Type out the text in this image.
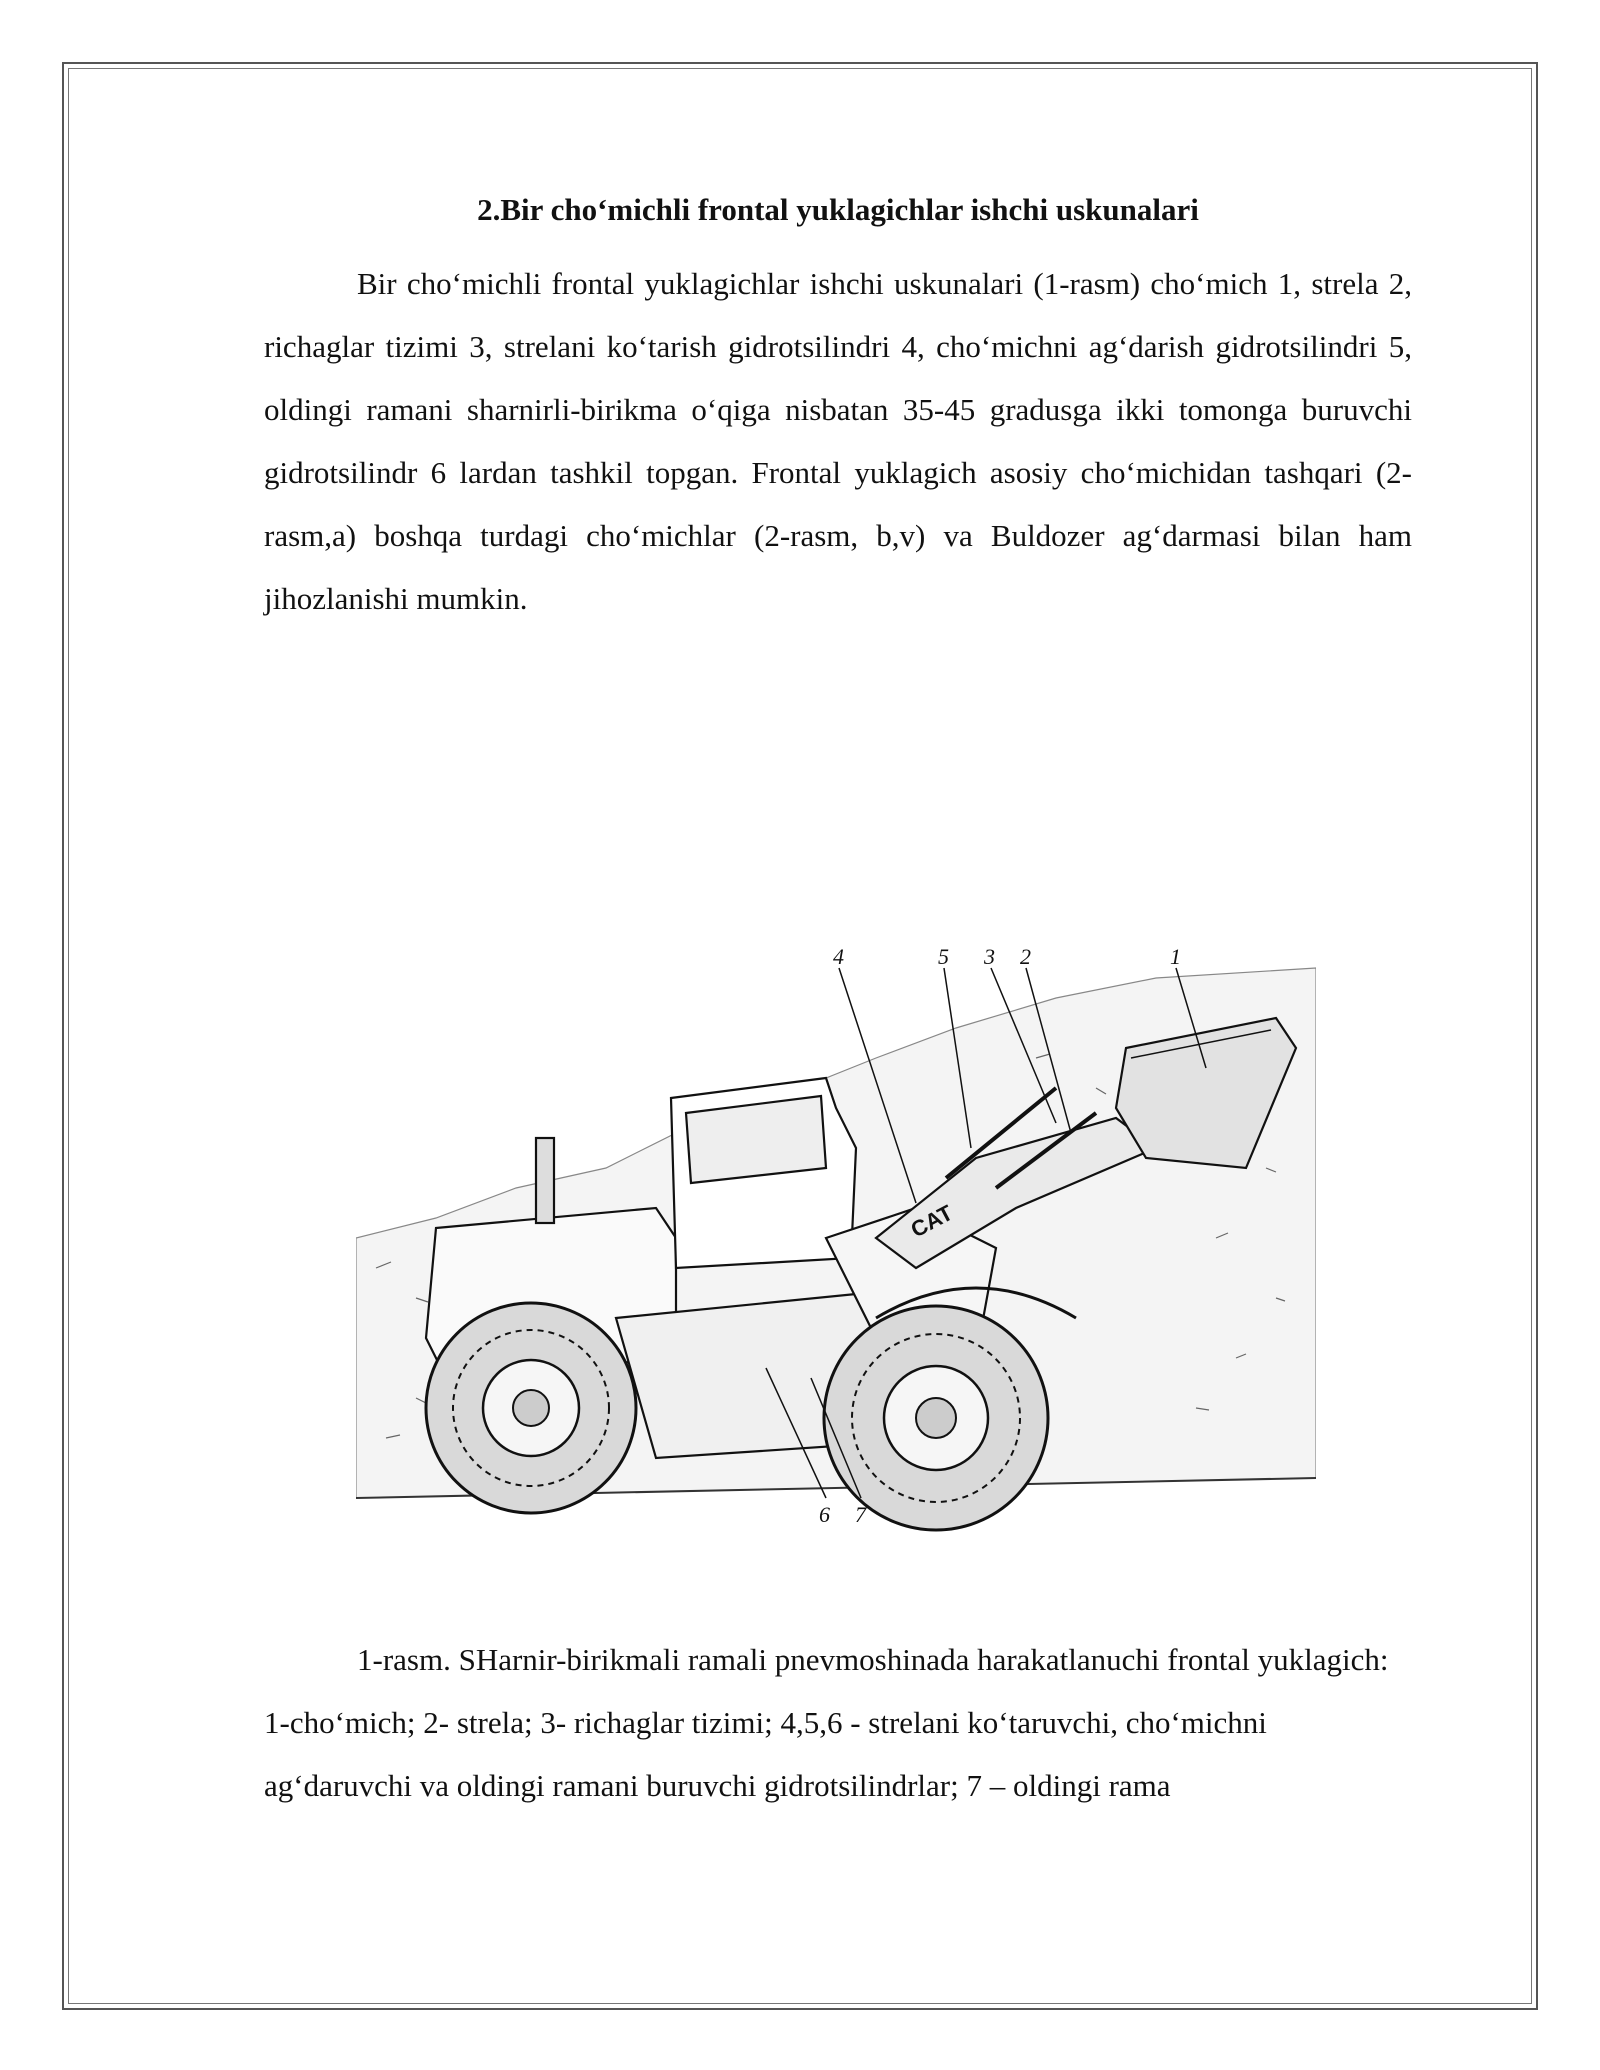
2.Bir cho‘michli frontal yuklagichlar ishchi uskunalari

Bir cho‘michli frontal yuklagichlar ishchi uskunalari (1-rasm) cho‘mich 1, strela 2, richaglar tizimi 3, strelani ko‘tarish gidrotsilindri 4, cho‘michni ag‘darish gidrotsilindri 5, oldingi ramani sharnirli-birikma o‘qiga nisbatan 35-45 gradusga ikki tomonga buruvchi gidrotsilindr 6 lardan tashkil topgan. Frontal yuklagich asosiy cho‘michidan tashqari (2-rasm,a) boshqa turdagi cho‘michlar (2-rasm, b,v) va Buldozer ag‘darmasi bilan ham jihozlanishi mumkin.

CAT
4	5 3 2	1
6 7

1-rasm. SHarnir-birikmali ramali pnevmoshinada harakatlanuchi frontal yuklagich: 1-cho‘mich; 2- strela; 3- richaglar tizimi; 4,5,6 - strelani ko‘taruvchi, cho‘michni ag‘daruvchi va oldingi ramani buruvchi gidrotsilindrlar; 7 – oldingi rama
